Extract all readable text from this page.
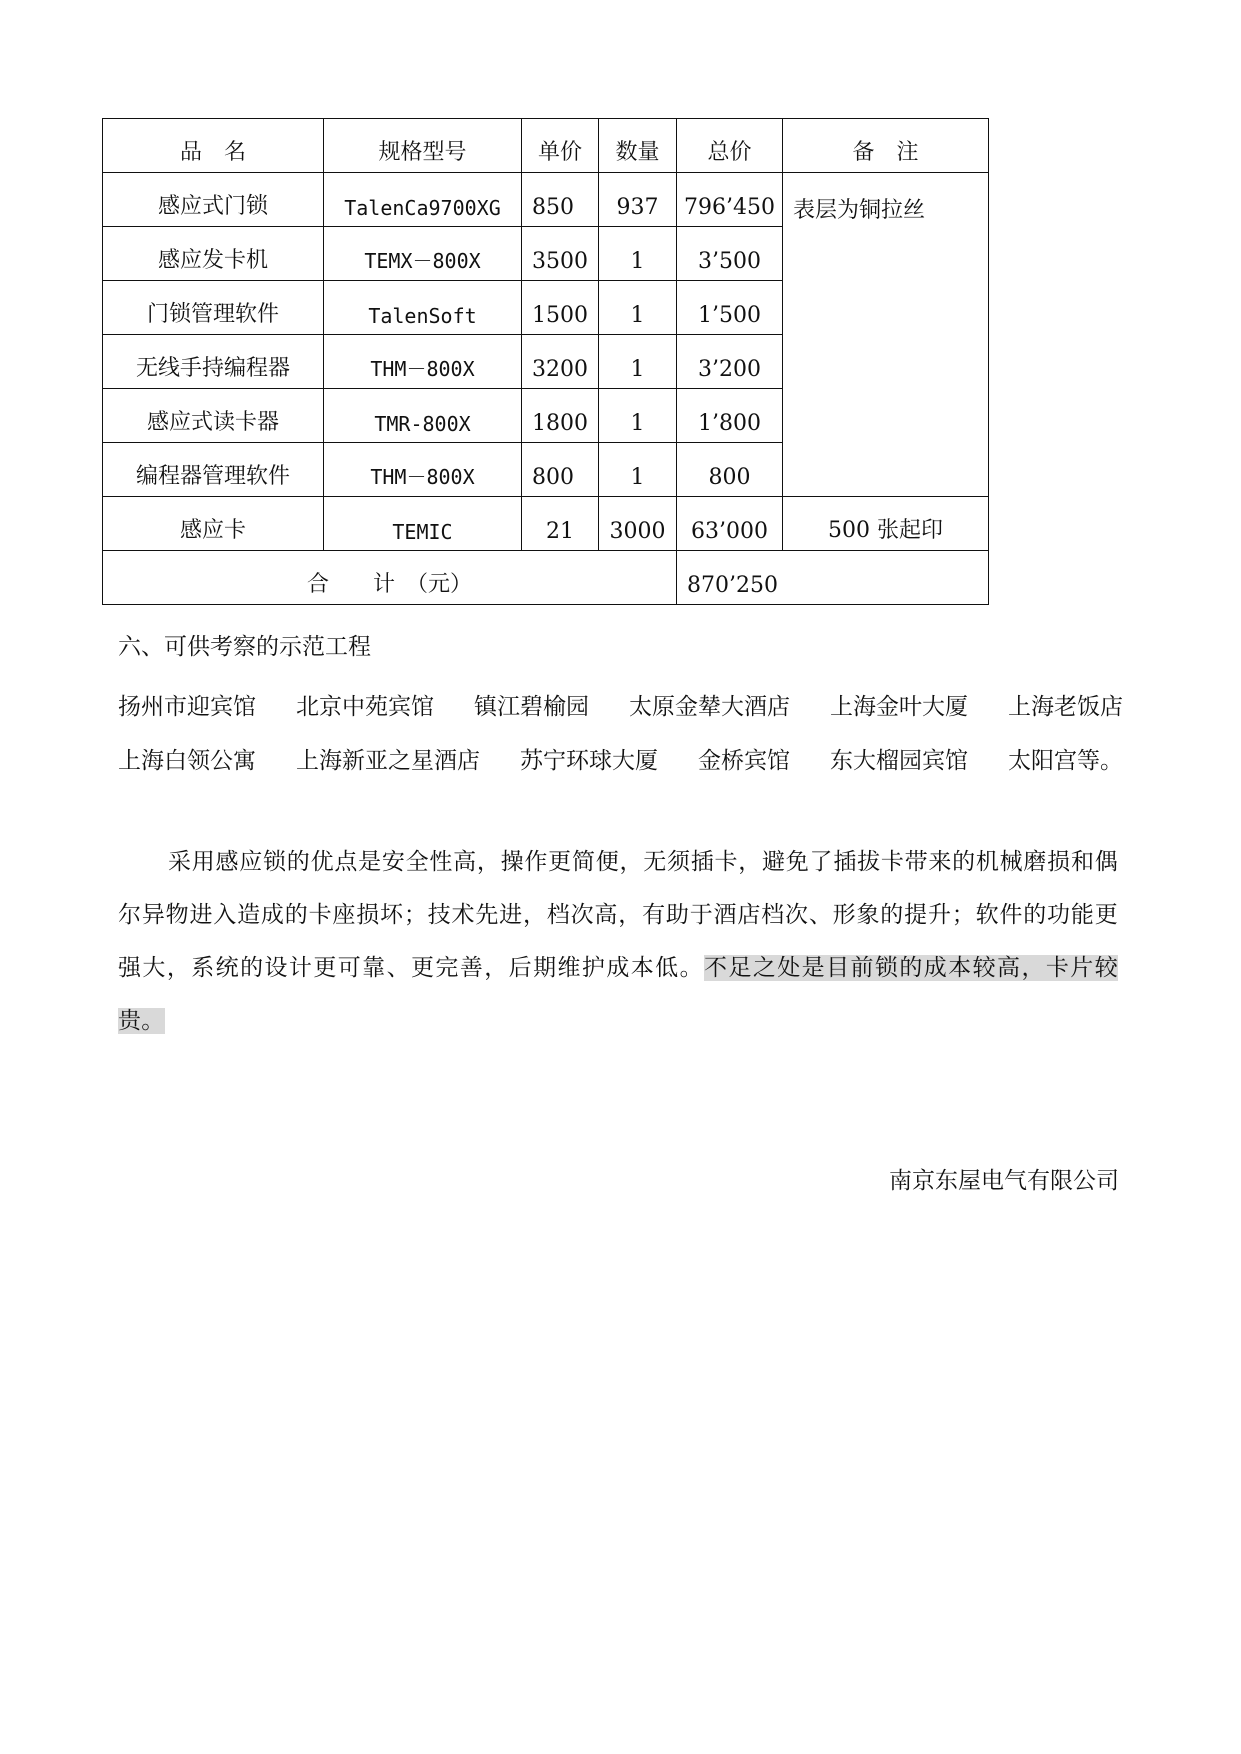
品　名	规格型号	单价	数量	总价	备　注
感应式门锁	TalenCa9700XG	850	937	796’450	表层为铜拉丝
感应发卡机	TEMX－800X	3500	1	3’500	
门锁管理软件	TalenSoft	1500	1	1’500	
无线手持编程器	THM－800X	3200	1	3’200	
感应式读卡器	TMR-800X	1800	1	1’800	
编程器管理软件	THM－800X	800	1	800	
感应卡	TEMIC	21	3000	63’000	500 张起印
合　　计　（元）				870’250	
六、可供考察的示范工程
扬州市迎宾馆 北京中苑宾馆 镇江碧榆园 太原金辇大酒店 上海金叶大厦 上海老饭店
上海白领公寓 上海新亚之星酒店 苏宁环球大厦 金桥宾馆 东大榴园宾馆 太阳宫等。
采用感应锁的优点是安全性高，操作更简便，无须插卡，避免了插拔卡带来的机械磨损和偶尔异物进入造成的卡座损坏；技术先进，档次高，有助于酒店档次、形象的提升；软件的功能更强大，系统的设计更可靠、更完善，后期维护成本低。不足之处是目前锁的成本较高，卡片较贵。
南京东屋电气有限公司
